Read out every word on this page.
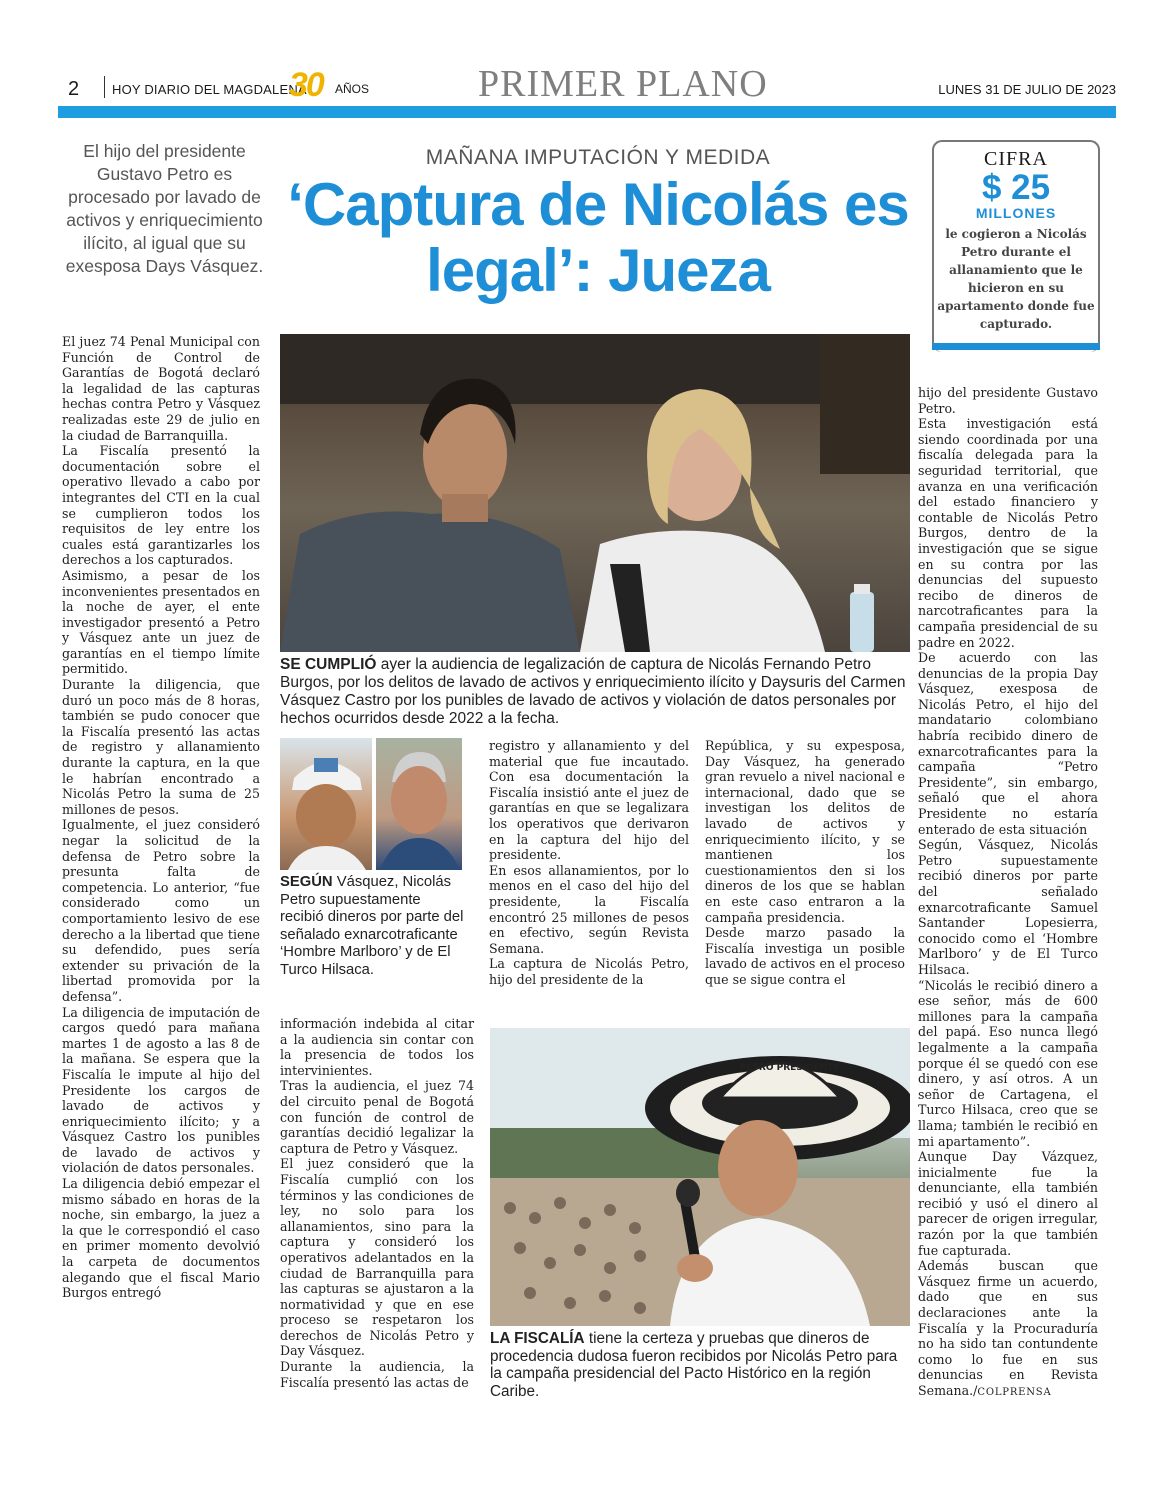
2	HOY DIARIO DEL MAGDALENA
30 AÑOS	PRIMER PLANO	LUNES 31 DE JULIO DE 2023
El hijo del presidente Gustavo Petro es procesado por lavado de activos y enriquecimiento ilícito, al igual que su exesposa Days Vásquez.
MAÑANA IMPUTACIÓN Y MEDIDA
‘Captura de Nicolás es legal’: Jueza
CIFRA
$ 25
MILLONES
le cogieron a Nicolás Petro durante el allanamiento que le hicieron en su apartamento donde fue capturado.

El juez 74 Penal Municipal con Función de Control de Garantías de Bogotá declaró la legalidad de las capturas hechas contra Petro y Vásquez realizadas este 29 de julio en la ciudad de Barranquilla.

La Fiscalía presentó la documentación sobre el operativo llevado a cabo por integrantes del CTI en la cual se cumplieron todos los requisitos de ley entre los cuales está garantizarles los derechos a los capturados.

Asimismo, a pesar de los inconvenientes presentados en la noche de ayer, el ente investigador presentó a Petro y Vásquez ante un juez de garantías en el tiempo límite permitido.

Durante la diligencia, que duró un poco más de 8 horas, también se pudo conocer que la Fiscalía presentó las actas de registro y allanamiento durante la captura, en la que le habrían encontrado a Nicolás Petro la suma de 25 millones de pesos.

Igualmente, el juez consideró negar la solicitud de la defensa de Petro sobre la presunta falta de competencia. Lo anterior, “fue considerado como un comportamiento lesivo de ese derecho a la libertad que tiene su defendido, pues sería extender su privación de la libertad promovida por la defensa”.

La diligencia de imputación de cargos quedó para mañana martes 1 de agosto a las 8 de la mañana. Se espera que la Fiscalía le impute al hijo del Presidente los cargos de lavado de activos y enriquecimiento ilícito; y a Vásquez Castro los punibles de lavado de activos y violación de datos personales.

La diligencia debió empezar el mismo sábado en horas de la noche, sin embargo, la juez a la que le correspondió el caso en primer momento devolvió la carpeta de documentos alegando que el fiscal Mario Burgos entregó

SE CUMPLIÓ ayer la audiencia de legalización de captura de Nicolás Fernando Petro Burgos, por los delitos de lavado de activos y enriquecimiento ilícito y Daysuris del Carmen Vásquez Castro por los punibles de lavado de activos y violación de datos personales por hechos ocurridos desde 2022 a la fecha.
SEGÚN Vásquez, Nicolás Petro supuestamente recibió dineros por parte del señalado exnarcotraficante ‘Hombre Marlboro’ y de El Turco Hilsaca.

información indebida al citar a la audiencia sin contar con la presencia de todos los intervinientes.

Tras la audiencia, el juez 74 del circuito penal de Bogotá con función de control de garantías decidió legalizar la captura de Petro y Vásquez.

El juez consideró que la Fiscalía cumplió con los términos y las condiciones de ley, no solo para los allanamientos, sino para la captura y consideró los operativos adelantados en la ciudad de Barranquilla para las capturas se ajustaron a la normatividad y que en ese proceso se respetaron los derechos de Nicolás Petro y Day Vásquez.

Durante la audiencia, la Fiscalía presentó las actas de

registro y allanamiento y del material que fue incautado. Con esa documentación la Fiscalía insistió ante el juez de garantías en que se legalizara los operativos que derivaron en la captura del hijo del presidente.

En esos allanamientos, por lo menos en el caso del hijo del presidente, la Fiscalía encontró 25 millones de pesos en efectivo, según Revista Semana.

La captura de Nicolás Petro, hijo del presidente de la

República, y su expesposa, Day Vásquez, ha generado gran revuelo a nivel nacional e internacional, dado que se investigan los delitos de lavado de activos y enriquecimiento ilícito, y se mantienen los cuestionamientos den si los dineros de los que se hablan en este caso entraron a la campaña presidencia.

Desde marzo pasado la Fiscalía investiga un posible lavado de activos en el proceso que se sigue contra el

PETRO PRESIDENTE
LA FISCALÍA tiene la certeza y pruebas que dineros de procedencia dudosa fueron recibidos por Nicolás Petro para la campaña presidencial del Pacto Histórico en la región Caribe.

hijo del presidente Gustavo Petro.

Esta investigación está siendo coordinada por una fiscalía delegada para la seguridad territorial, que avanza en una verificación del estado financiero y contable de Nicolás Petro Burgos, dentro de la investigación que se sigue en su contra por las denuncias del supuesto recibo de dineros de narcotraficantes para la campaña presidencial de su padre en 2022.

De acuerdo con las denuncias de la propia Day Vásquez, exesposa de Nicolás Petro, el hijo del mandatario colombiano habría recibido dinero de exnarcotraficantes para la campaña “Petro Presidente”, sin embargo, señaló que el ahora Presidente no estaría enterado de esta situación

Según, Vásquez, Nicolás Petro supuestamente recibió dineros por parte del señalado exnarcotraficante Samuel Santander Lopesierra, conocido como el ‘Hombre Marlboro’ y de El Turco Hilsaca.

“Nicolás le recibió dinero a ese señor, más de 600 millones para la campaña del papá. Eso nunca llegó legalmente a la campaña porque él se quedó con ese dinero, y así otros. A un señor de Cartagena, el Turco Hilsaca, creo que se llama; también le recibió en mi apartamento”.

Aunque Day Vázquez, inicialmente fue la denunciante, ella también recibió y usó el dinero al parecer de origen irregular, razón por la que también fue capturada.

Además buscan que Vásquez firme un acuerdo, dado que en sus declaraciones ante la Fiscalía y la Procuraduría no ha sido tan contundente como lo fue en sus denuncias en Revista Semana./COLPRENSA
